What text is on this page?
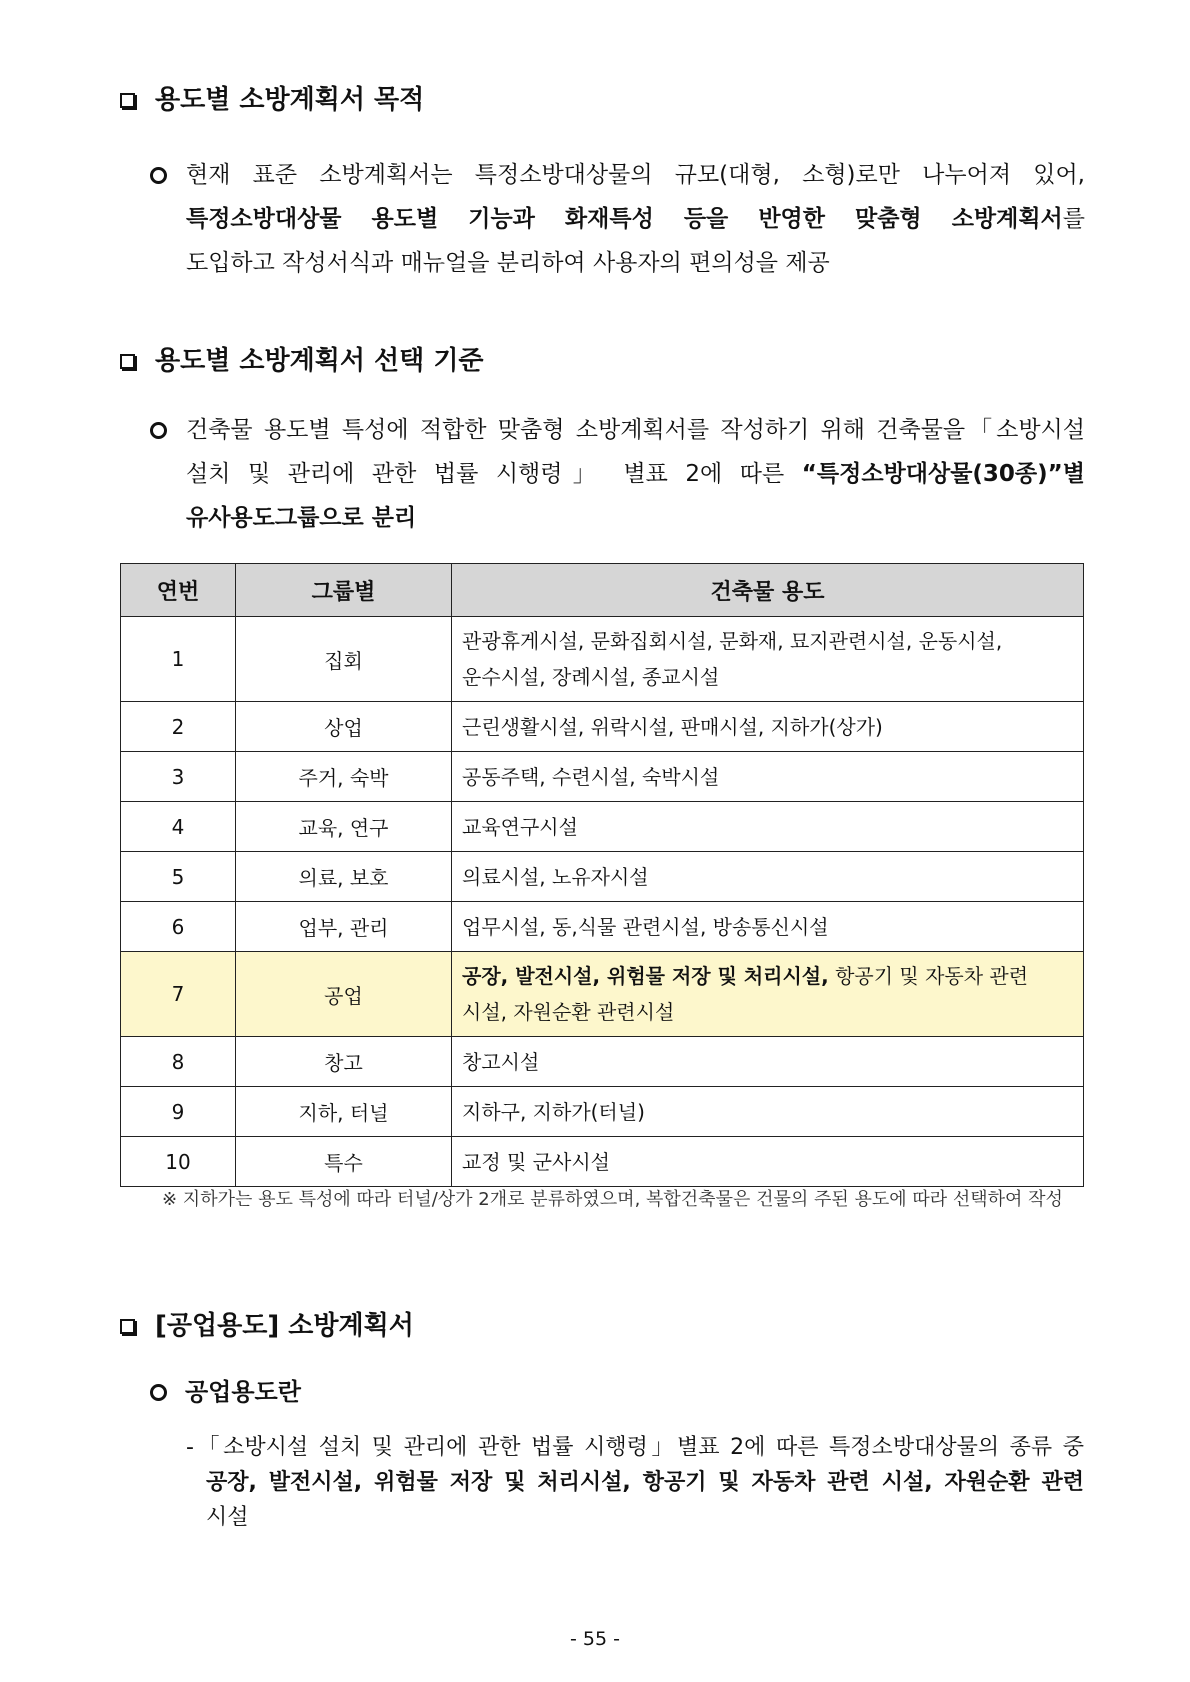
용도별 소방계획서 목적
현재 표준 소방계획서는 특정소방대상물의 규모(대형, 소형)로만 나누어져 있어,
특정소방대상물 용도별 기능과 화재특성 등을 반영한 맞춤형 소방계획서를
도입하고 작성서식과 매뉴얼을 분리하여 사용자의 편의성을 제공
용도별 소방계획서 선택 기준
건축물 용도별 특성에 적합한 맞춤형 소방계획서를 작성하기 위해 건축물을「소방시설
설치 및 관리에 관한 법률 시행령」 별표 2에 따른 “특정소방대상물(30종)”별
유사용도그룹으로 분리
연번	그룹별	건축물 용도
1	집회	관광휴게시설, 문화집회시설, 문화재, 묘지관련시설, 운동시설,
운수시설, 장례시설, 종교시설
2	상업	근린생활시설, 위락시설, 판매시설, 지하가(상가)
3	주거, 숙박	공동주택, 수련시설, 숙박시설
4	교육, 연구	교육연구시설
5	의료, 보호	의료시설, 노유자시설
6	업부, 관리	업무시설, 동,식물 관련시설, 방송통신시설
7	공업	공장, 발전시설, 위험물 저장 및 처리시설, 항공기 및 자동차 관련
시설, 자원순환 관련시설
8	창고	창고시설
9	지하, 터널	지하구, 지하가(터널)
10	특수	교정 및 군사시설
※ 지하가는 용도 특성에 따라 터널/상가 2개로 분류하였으며, 복합건축물은 건물의 주된 용도에 따라 선택하여 작성
[공업용도] 소방계획서
공업용도란
-「소방시설 설치 및 관리에 관한 법률 시행령」별표 2에 따른 특정소방대상물의 종류 중
공장, 발전시설, 위험물 저장 및 처리시설, 항공기 및 자동차 관련 시설, 자원순환 관련
시설
- 55 -
